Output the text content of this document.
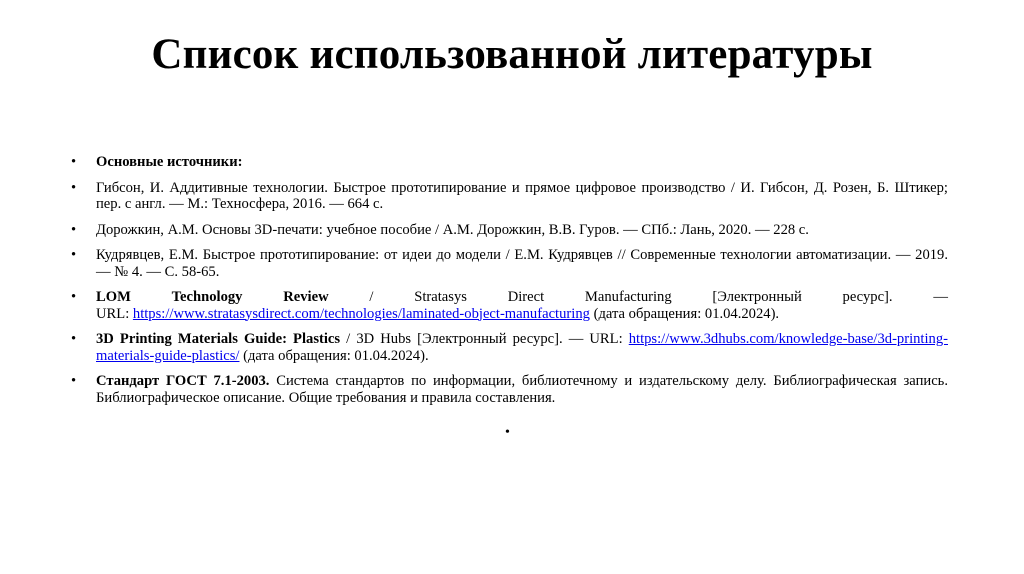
Список использованной литературы
• Основные источники:
• Гибсон, И. Аддитивные технологии. Быстрое прототипирование и прямое цифровое производство / И. Гибсон, Д. Розен, Б. Штикер; пер. с англ. — М.: Техносфера, 2016. — 664 с.
• Дорожкин, А.М. Основы 3D-печати: учебное пособие / А.М. Дорожкин, В.В. Гуров. — СПб.: Лань, 2020. — 228 с.
• Кудрявцев, Е.М. Быстрое прототипирование: от идеи до модели / Е.М. Кудрявцев // Современные технологии автоматизации. — 2019. — № 4. — С. 58-65.
• LOM	Technology	Review	/	Stratasys	Direct	Manufacturing	[Электронный	ресурс].	—
URL: https://www.stratasysdirect.com/technologies/laminated-object-manufacturing (дата обращения: 01.04.2024).
• 3D Printing Materials Guide: Plastics / 3D Hubs [Электронный ресурс]. — URL: https://www.3dhubs.com/knowledge-base/3d-printing-materials-guide-plastics/ (дата обращения: 01.04.2024).
• Стандарт ГОСТ 7.1-2003. Система стандартов по информации, библиотечному и издательскому делу. Библиографическая запись. Библиографическое описание. Общие требования и правила составления.
•
